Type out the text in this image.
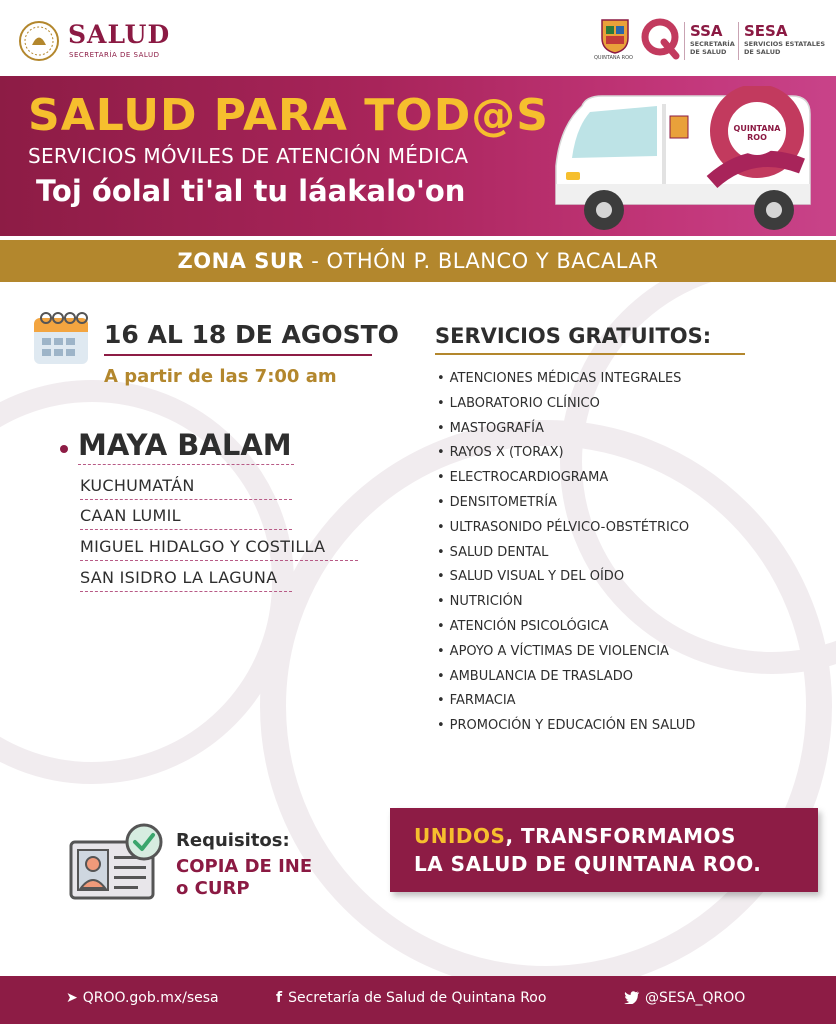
SALUD
SECRETARÍA DE SALUD	QUINTANA ROO
SSA
SECRETARÍA
DE SALUD
SESA
SERVICIOS ESTATALES
DE SALUD
SALUD PARA TOD@S
SERVICIOS MÓVILES DE ATENCIÓN MÉDICA
Toj óolal ti'al tu láakalo'on
QUINTANA ROO
ZONA SUR - OTHÓN P. BLANCO Y BACALAR
16 AL 18 DE AGOSTO
A partir de las 7:00 am
MAYA BALAM
KUCHUMATÁN
CAAN LUMIL
MIGUEL HIDALGO Y COSTILLA
SAN ISIDRO LA LAGUNA
SERVICIOS GRATUITOS:
• ATENCIONES MÉDICAS INTEGRALES
• LABORATORIO CLÍNICO
• MASTOGRAFÍA
• RAYOS X (TORAX)
• ELECTROCARDIOGRAMA
• DENSITOMETRÍA
• ULTRASONIDO PÉLVICO-OBSTÉTRICO
• SALUD DENTAL
• SALUD VISUAL Y DEL OÍDO
• NUTRICIÓN
• ATENCIÓN PSICOLÓGICA
• APOYO A VÍCTIMAS DE VIOLENCIA
• AMBULANCIA DE TRASLADO
• FARMACIA
• PROMOCIÓN Y EDUCACIÓN EN SALUD
Requisitos:
COPIA DE INE
o CURP
UNIDOS, TRANSFORMAMOS
LA SALUD DE QUINTANA ROO.
➤ QROO.gob.mx/sesa	f Secretaría de Salud de Quintana Roo	@SESA_QROO
